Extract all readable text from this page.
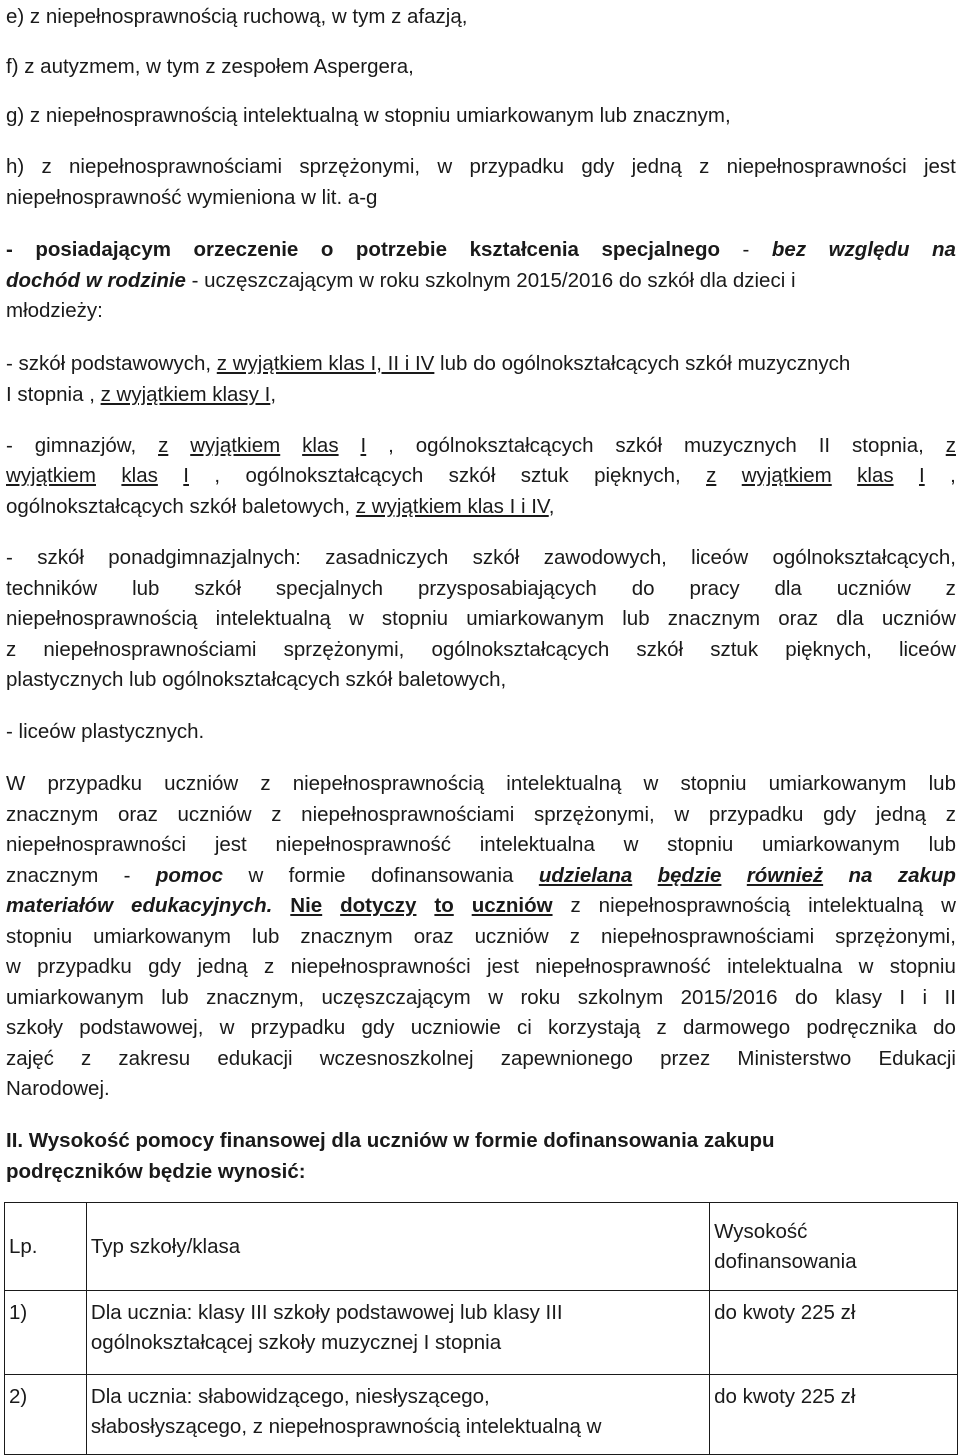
e) z niepełnosprawnością ruchową, w tym z afazją,
f) z autyzmem, w tym z zespołem Aspergera,
g) z niepełnosprawnością intelektualną w stopniu umiarkowanym lub znacznym,
h) z niepełnosprawnościami sprzężonymi, w przypadku gdy jedną z niepełnosprawności jest
niepełnosprawność wymieniona w lit. a-g
- posiadającym orzeczenie o potrzebie kształcenia specjalnego - bez względu na
dochód w rodzinie - uczęszczającym w roku szkolnym 2015/2016 do szkół dla dzieci i
młodzieży:
- szkół podstawowych, z wyjątkiem klas I, II i IV lub do ogólnokształcących szkół muzycznych
I stopnia , z wyjątkiem klasy I,
- gimnazjów, z wyjątkiem klas I , ogólnokształcących szkół muzycznych II stopnia, z
wyjątkiem klas I , ogólnokształcących szkół sztuk pięknych, z wyjątkiem klas I ,
ogólnokształcących szkół baletowych, z wyjątkiem klas I i IV,
- szkół ponadgimnazjalnych: zasadniczych szkół zawodowych, liceów ogólnokształcących,
techników lub szkół specjalnych przysposabiających do pracy dla uczniów z
niepełnosprawnością intelektualną w stopniu umiarkowanym lub znacznym oraz dla uczniów
z niepełnosprawnościami sprzężonymi, ogólnokształcących szkół sztuk pięknych, liceów
plastycznych lub ogólnokształcących szkół baletowych,
- liceów plastycznych.
W przypadku uczniów z niepełnosprawnością intelektualną w stopniu umiarkowanym lub
znacznym oraz uczniów z niepełnosprawnościami sprzężonymi, w przypadku gdy jedną z
niepełnosprawności jest niepełnosprawność intelektualna w stopniu umiarkowanym lub
znacznym - pomoc w formie dofinansowania udzielana będzie również na zakup
materiałów edukacyjnych. Nie dotyczy to uczniów z niepełnosprawnością intelektualną w
stopniu umiarkowanym lub znacznym oraz uczniów z niepełnosprawnościami sprzężonymi,
w przypadku gdy jedną z niepełnosprawności jest niepełnosprawność intelektualna w stopniu
umiarkowanym lub znacznym, uczęszczającym w roku szkolnym 2015/2016 do klasy I i II
szkoły podstawowej, w przypadku gdy uczniowie ci korzystają z darmowego podręcznika do
zajęć z zakresu edukacji wczesnoszkolnej zapewnionego przez Ministerstwo Edukacji
Narodowej.
II. Wysokość pomocy finansowej dla uczniów w formie dofinansowania zakupu
podręczników będzie wynosić:
Lp.	Typ szkoły/klasa	Wysokość
dofinansowania

1)	Dla ucznia: klasy III szkoły podstawowej lub klasy III
ogólnokształcącej szkoły muzycznej I stopnia	do kwoty 225 zł
2)	Dla ucznia: słabowidzącego, niesłyszącego,
słabosłyszącego, z niepełnosprawnością intelektualną w	do kwoty 225 zł
